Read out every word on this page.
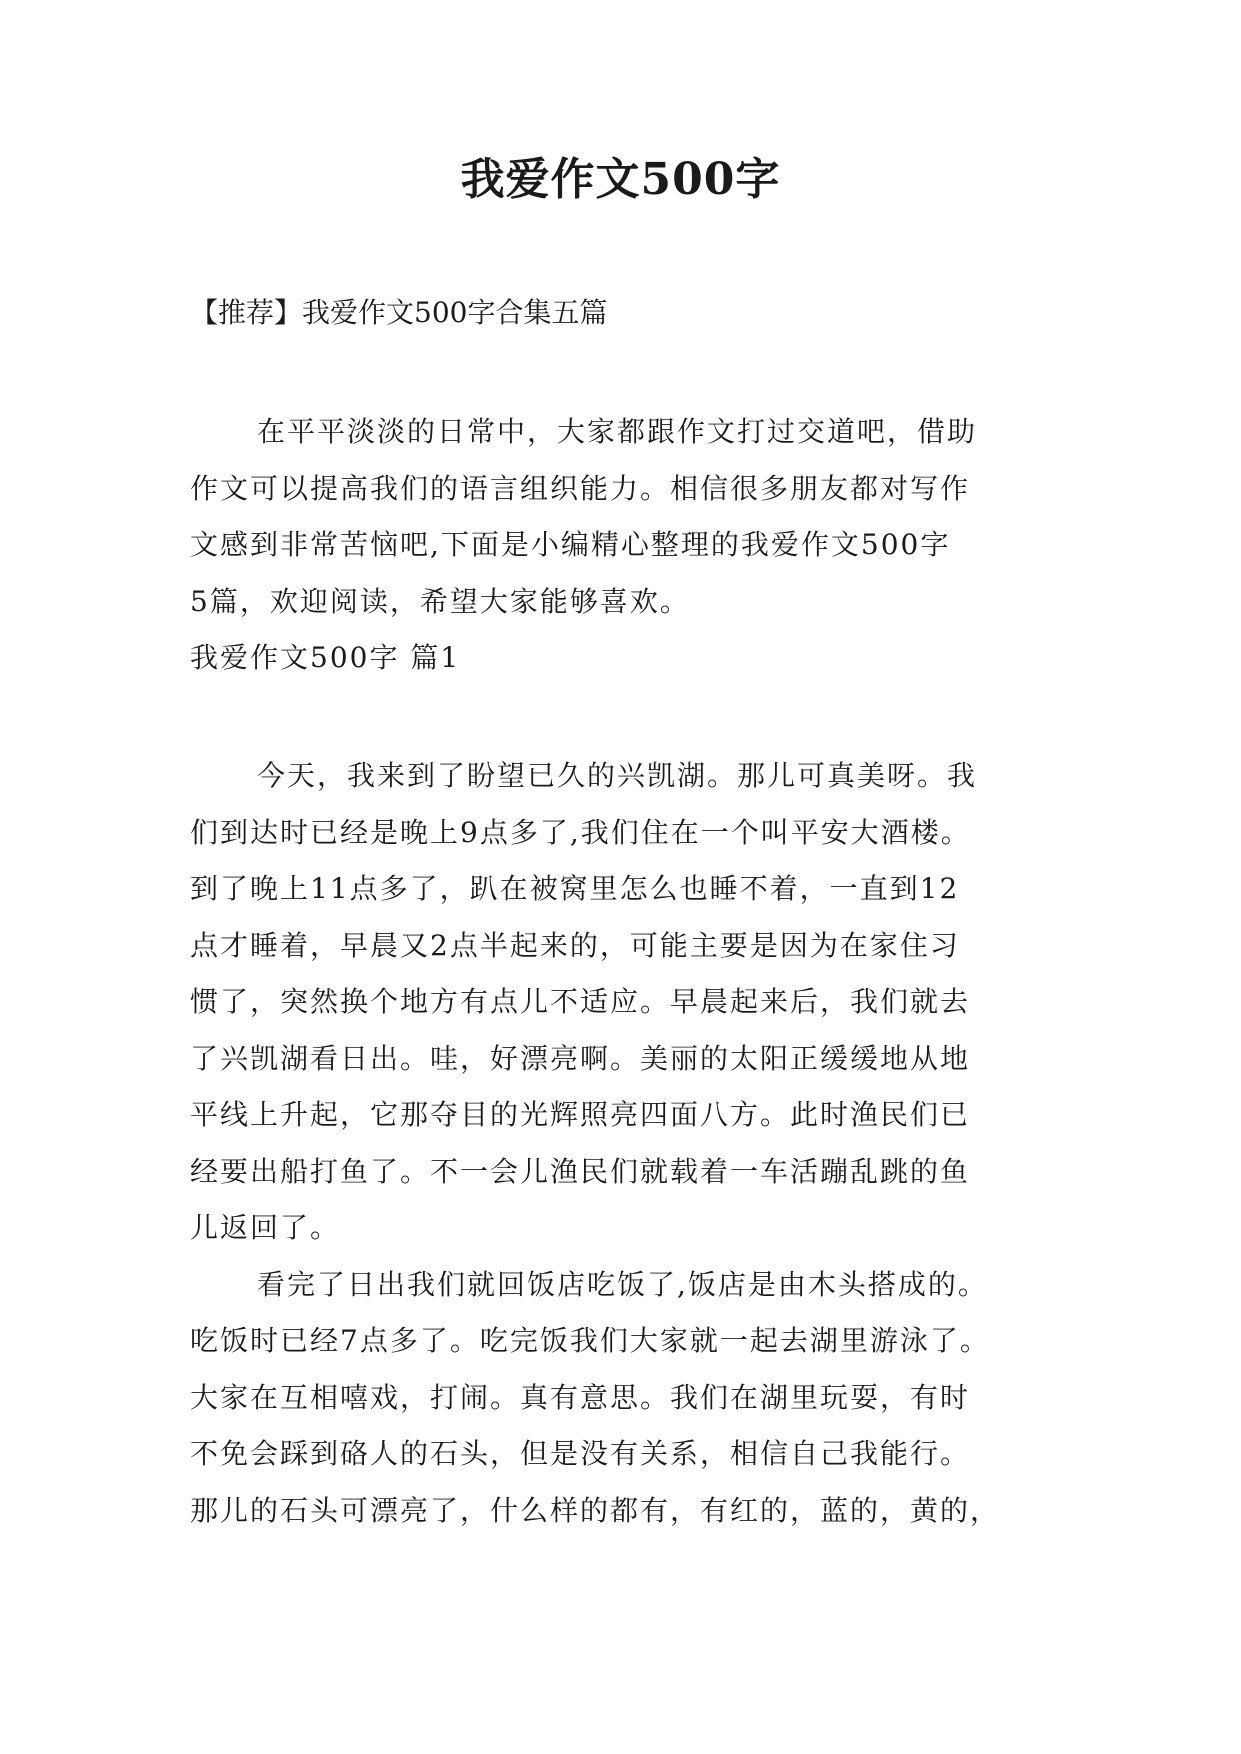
我爱作文500字
【推荐】我爱作文500字合集五篇
在平平淡淡的日常中，大家都跟作文打过交道吧，借助
作文可以提高我们的语言组织能力。相信很多朋友都对写作
文感到非常苦恼吧,下面是小编精心整理的我爱作文500字
5篇，欢迎阅读，希望大家能够喜欢。
我爱作文500字 篇1
今天，我来到了盼望已久的兴凯湖。那儿可真美呀。我
们到达时已经是晚上9点多了,我们住在一个叫平安大酒楼。
到了晚上11点多了，趴在被窝里怎么也睡不着，一直到12
点才睡着，早晨又2点半起来的，可能主要是因为在家住习
惯了，突然换个地方有点儿不适应。早晨起来后，我们就去
了兴凯湖看日出。哇，好漂亮啊。美丽的太阳正缓缓地从地
平线上升起，它那夺目的光辉照亮四面八方。此时渔民们已
经要出船打鱼了。不一会儿渔民们就载着一车活蹦乱跳的鱼
儿返回了。
看完了日出我们就回饭店吃饭了,饭店是由木头搭成的。
吃饭时已经7点多了。吃完饭我们大家就一起去湖里游泳了。
大家在互相嘻戏，打闹。真有意思。我们在湖里玩耍，有时
不免会踩到硌人的石头，但是没有关系，相信自己我能行。
那儿的石头可漂亮了，什么样的都有，有红的，蓝的，黄的，
